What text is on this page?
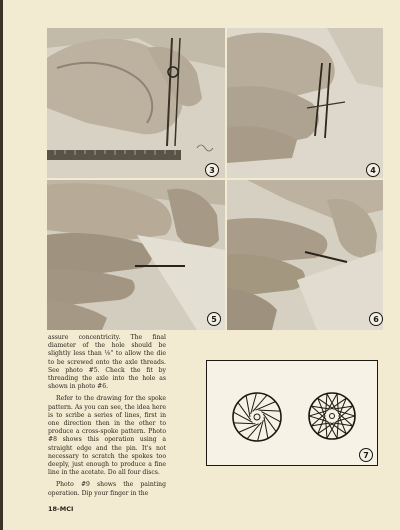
3	4
5	6

assure concentricity. The final diameter of the hole should be slightly less than ⅛" to allow the die to be screwed onto the axle threads. See photo #5. Check the fit by threading the axle into the hole as shown in photo #6.

Refer to the drawing for the spoke pattern. As you can see, the idea here is to scribe a series of lines, first in one direction then in the other to produce a cross-spoke pattern. Photo #8 shows this operation using a straight edge and the pin. It's not necessary to scratch the spokes too deeply, just enough to produce a fine line in the acetate. Do all four discs.

Photo #9 shows the painting operation. Dip your finger in the

18-MCI
7
